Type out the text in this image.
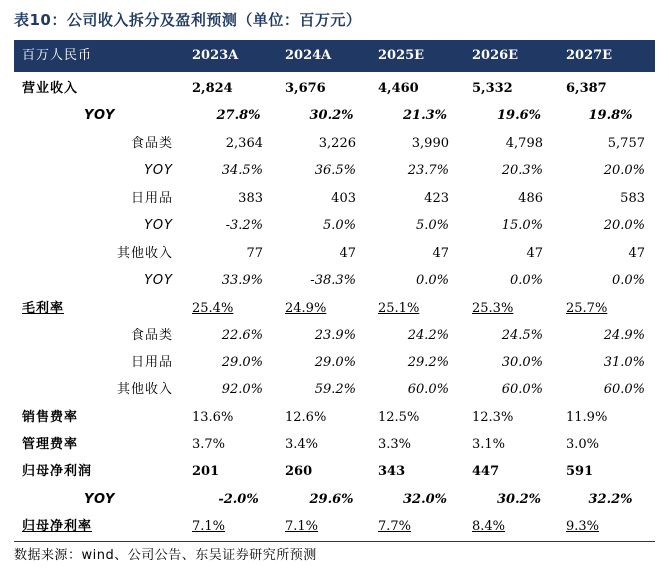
表10：公司收入拆分及盈利预测（单位：百万元）
百万人民币	2023A	2024A	2025E	2026E	2027E
营业收入	2,824	3,676	4,460	5,332	6,387
YOY	27.8%	30.2%	21.3%	19.6%	19.8%
食品类	2,364	3,226	3,990	4,798	5,757
YOY	34.5%	36.5%	23.7%	20.3%	20.0%
日用品	383	403	423	486	583
YOY	-3.2%	5.0%	5.0%	15.0%	20.0%
其他收入	77	47	47	47	47
YOY	33.9%	-38.3%	0.0%	0.0%	0.0%
毛利率	25.4%	24.9%	25.1%	25.3%	25.7%
食品类	22.6%	23.9%	24.2%	24.5%	24.9%
日用品	29.0%	29.0%	29.2%	30.0%	31.0%
其他收入	92.0%	59.2%	60.0%	60.0%	60.0%
销售费率	13.6%	12.6%	12.5%	12.3%	11.9%
管理费率	3.7%	3.4%	3.3%	3.1%	3.0%
归母净利润	201	260	343	447	591
YOY	-2.0%	29.6%	32.0%	30.2%	32.2%
归母净利率	7.1%	7.1%	7.7%	8.4%	9.3%
数据来源：wind、公司公告、东吴证券研究所预测
